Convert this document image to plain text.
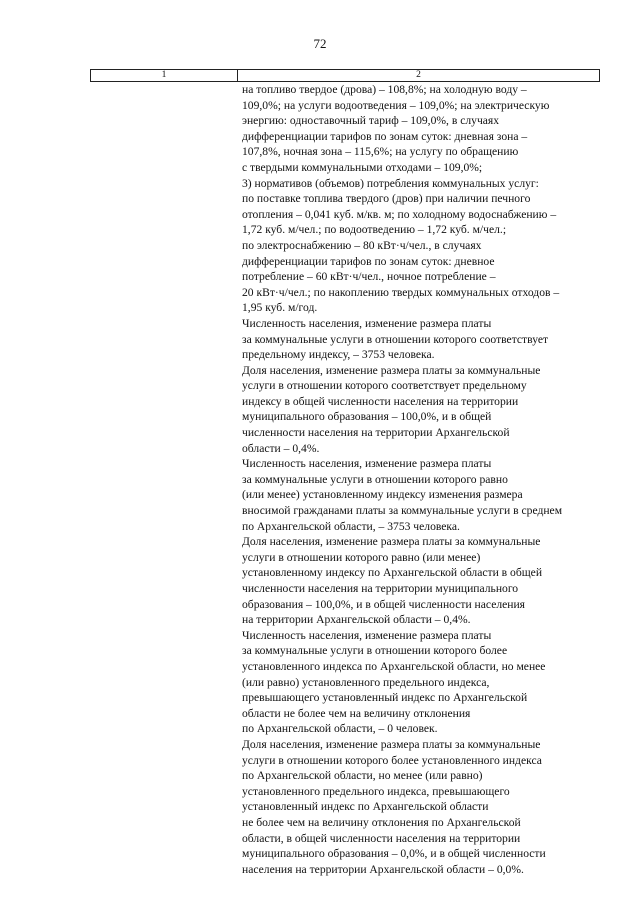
72
1	2
на топливо твердое (дрова) – 108,8%; на холодную воду –
109,0%; на услуги водоотведения – 109,0%; на электрическую
энергию: одноставочный тариф – 109,0%, в случаях
дифференциации тарифов по зонам суток: дневная зона –
107,8%, ночная зона – 115,6%; на услугу по обращению
с твердыми коммунальными отходами – 109,0%;
3) нормативов (объемов) потребления коммунальных услуг:
по поставке топлива твердого (дров) при наличии печного
отопления – 0,041 куб. м/кв. м; по холодному водоснабжению –
1,72 куб. м/чел.; по водоотведению – 1,72 куб. м/чел.;
по электроснабжению – 80 кВт·ч/чел., в случаях
дифференциации тарифов по зонам суток: дневное
потребление – 60 кВт·ч/чел., ночное потребление –
20 кВт·ч/чел.; по накоплению твердых коммунальных отходов –
1,95 куб. м/год.
Численность населения, изменение размера платы
за коммунальные услуги в отношении которого соответствует
предельному индексу, – 3753 человека.
Доля населения, изменение размера платы за коммунальные
услуги в отношении которого соответствует предельному
индексу в общей численности населения на территории
муниципального образования – 100,0%, и в общей
численности населения на территории Архангельской
области – 0,4%.
Численность населения, изменение размера платы
за коммунальные услуги в отношении которого равно
(или менее) установленному индексу изменения размера
вносимой гражданами платы за коммунальные услуги в среднем
по Архангельской области, – 3753 человека.
Доля населения, изменение размера платы за коммунальные
услуги в отношении которого равно (или менее)
установленному индексу по Архангельской области в общей
численности населения на территории муниципального
образования – 100,0%, и в общей численности населения
на территории Архангельской области – 0,4%.
Численность населения, изменение размера платы
за коммунальные услуги в отношении которого более
установленного индекса по Архангельской области, но менее
(или равно) установленного предельного индекса,
превышающего установленный индекс по Архангельской
области не более чем на величину отклонения
по Архангельской области, – 0 человек.
Доля населения, изменение размера платы за коммунальные
услуги в отношении которого более установленного индекса
по Архангельской области, но менее (или равно)
установленного предельного индекса, превышающего
установленный индекс по Архангельской области
не более чем на величину отклонения по Архангельской
области, в общей численности населения на территории
муниципального образования – 0,0%, и в общей численности
населения на территории Архангельской области – 0,0%.
